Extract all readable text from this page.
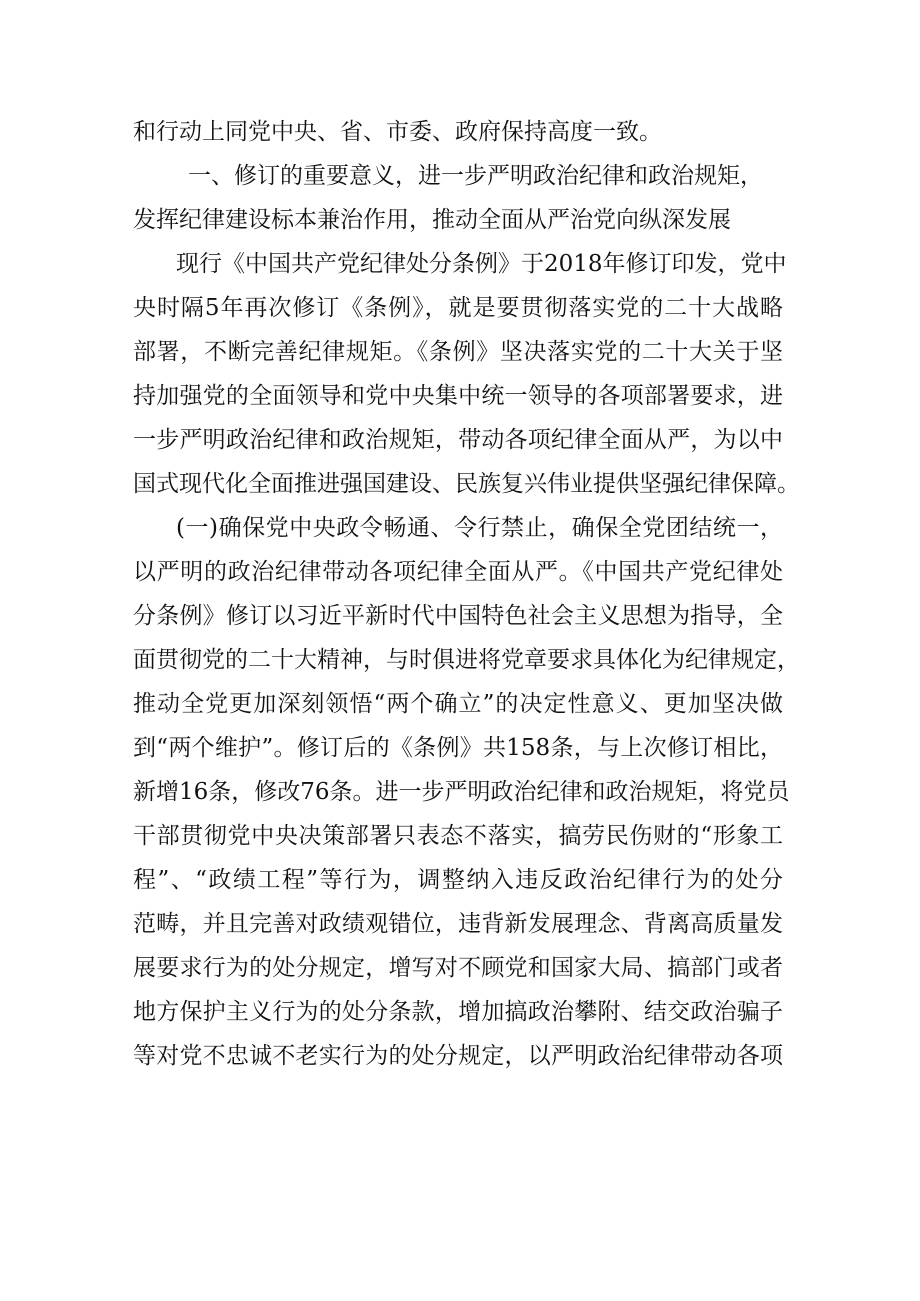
和行动上同党中央、省、市委、政府保持高度一致。
一、修订的重要意义，进一步严明政治纪律和政治规矩，
发挥纪律建设标本兼治作用，推动全面从严治党向纵深发展
现行《中国共产党纪律处分条例》于2018年修订印发，党中
央时隔5年再次修订《条例》，就是要贯彻落实党的二十大战略
部署，不断完善纪律规矩。《条例》坚决落实党的二十大关于坚
持加强党的全面领导和党中央集中统一领导的各项部署要求，进
一步严明政治纪律和政治规矩，带动各项纪律全面从严，为以中
国式现代化全面推进强国建设、民族复兴伟业提供坚强纪律保障。
(一)确保党中央政令畅通、令行禁止，确保全党团结统一，
以严明的政治纪律带动各项纪律全面从严。《中国共产党纪律处
分条例》修订以习近平新时代中国特色社会主义思想为指导，全
面贯彻党的二十大精神，与时俱进将党章要求具体化为纪律规定，
推动全党更加深刻领悟“两个确立”的决定性意义、更加坚决做
到“两个维护”。修订后的《条例》共158条，与上次修订相比，
新增16条，修改76条。进一步严明政治纪律和政治规矩，将党员
干部贯彻党中央决策部署只表态不落实，搞劳民伤财的“形象工
程”、“政绩工程”等行为，调整纳入违反政治纪律行为的处分
范畴，并且完善对政绩观错位，违背新发展理念、背离高质量发
展要求行为的处分规定，增写对不顾党和国家大局、搞部门或者
地方保护主义行为的处分条款，增加搞政治攀附、结交政治骗子
等对党不忠诚不老实行为的处分规定，以严明政治纪律带动各项
